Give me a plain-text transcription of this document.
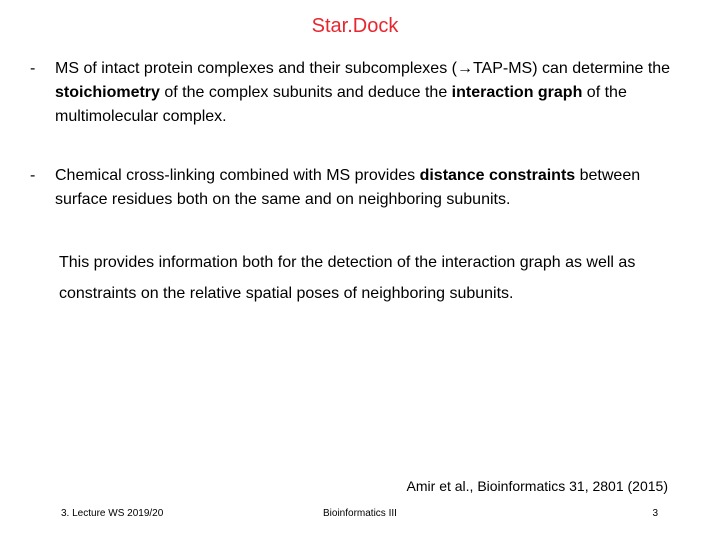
Star.Dock
- MS of intact protein complexes and their subcomplexes (→TAP-MS) can determine the stoichiometry of the complex subunits and deduce the interaction graph of the multimolecular complex.
- Chemical cross-linking combined with MS provides distance constraints between surface residues both on the same and on neighboring subunits.
This provides information both for the detection of the interaction graph as well as constraints on the relative spatial poses of neighboring subunits.
Amir et al., Bioinformatics 31, 2801 (2015)
3. Lecture WS 2019/20	Bioinformatics III	3
